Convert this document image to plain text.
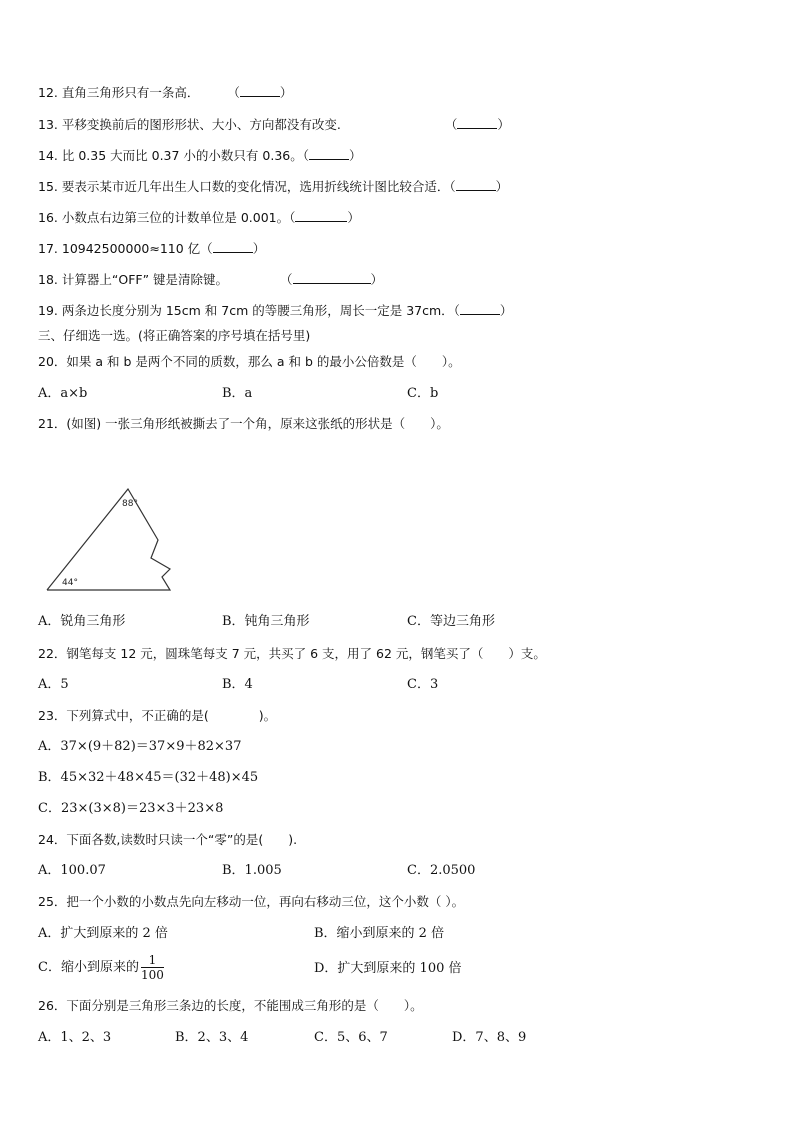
12. 直角三角形只有一条高． （	）
13. 平移变换前后的图形形状、大小、方向都没有改变.	（	）
14. 比 0.35 大而比 0.37 小的小数只有 0.36。（	）
15. 要表示某市近几年出生人口数的变化情况，选用折线统计图比较合适．（	）
16. 小数点右边第三位的计数单位是 0.001。（	）
17. 10942500000≈110 亿（	）
18. 计算器上“OFF” 键是清除键。	（	）
19. 两条边长度分别为 15cm 和 7cm 的等腰三角形，周长一定是 37cm．（	）
三、仔细选一选。(将正确答案的序号填在括号里)
20．如果 a 和 b 是两个不同的质数，那么 a 和 b 的最小公倍数是（　　）。
A．a×b	B．a	C．b
21．(如图) 一张三角形纸被撕去了一个角，原来这张纸的形状是（　　）。
88°
44°
A．锐角三角形	B．钝角三角形	C．等边三角形
22．钢笔每支 12 元，圆珠笔每支 7 元，共买了 6 支，用了 62 元，钢笔买了（　　）支。
A．5	B．4	C．3
23．下列算式中，不正确的是(　　　　)。
A．37×(9＋82)＝37×9＋82×37
B．45×32＋48×45＝(32＋48)×45
C．23×(3×8)＝23×3＋23×8
24．下面各数,读数时只读一个“零”的是(　　).
A．100.07	B．1.005	C．2.0500
25．把一个小数的小数点先向左移动一位，再向右移动三位，这个小数（ ）。
A．扩大到原来的 2 倍	B．缩小到原来的 2 倍
C．缩小到原来的 $\frac{1}{100}$	D．扩大到原来的 100 倍
26．下面分别是三角形三条边的长度，不能围成三角形的是（　　）。
A．1、2、3	B．2、3、4	C．5、6、7	D．7、8、9
